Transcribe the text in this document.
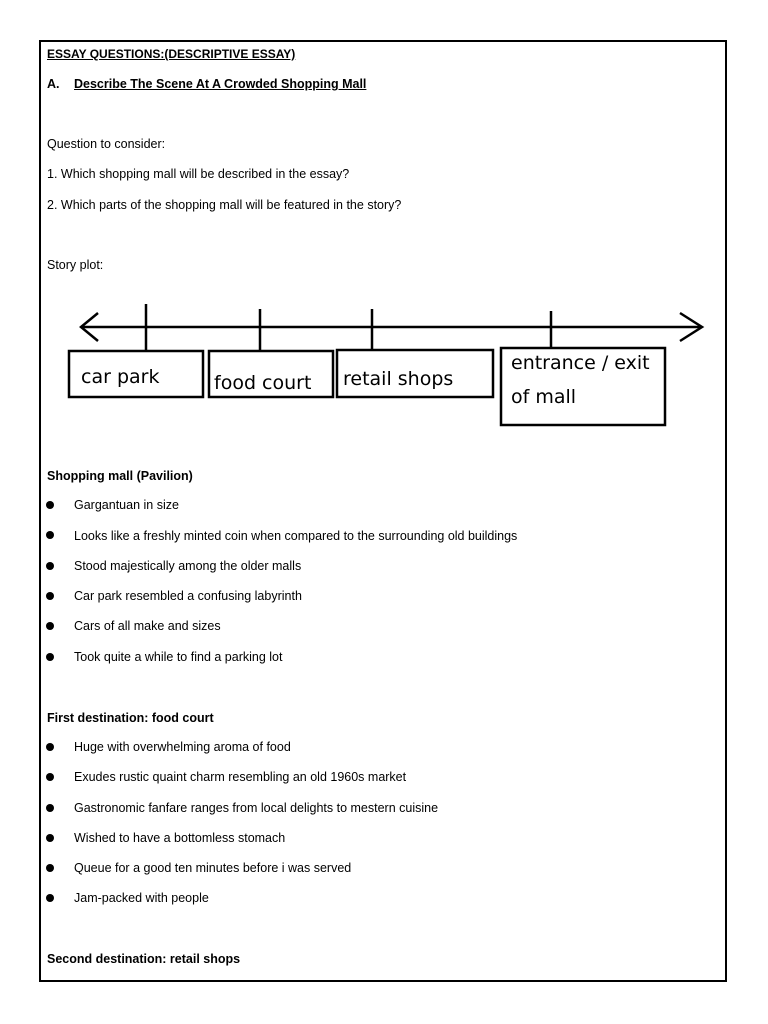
ESSAY QUESTIONS:(DESCRIPTIVE ESSAY)
A. Describe The Scene At A Crowded Shopping Mall
Question to consider:
1. Which shopping mall will be described in the essay?
2. Which parts of the shopping mall will be featured in the story?
Story plot:
car park	food court retail shops
entrance / exit
of mall
Shopping mall (Pavilion)
Gargantuan in size
Looks like a freshly minted coin when compared to the surrounding old buildings
Stood majestically among the older malls
Car park resembled a confusing labyrinth
Cars of all make and sizes
Took quite a while to find a parking lot
First destination: food court
Huge with overwhelming aroma of food
Exudes rustic quaint charm resembling an old 1960s market
Gastronomic fanfare ranges from local delights to mestern cuisine
Wished to have a bottomless stomach
Queue for a good ten minutes before i was served
Jam-packed with people
Second destination: retail shops
